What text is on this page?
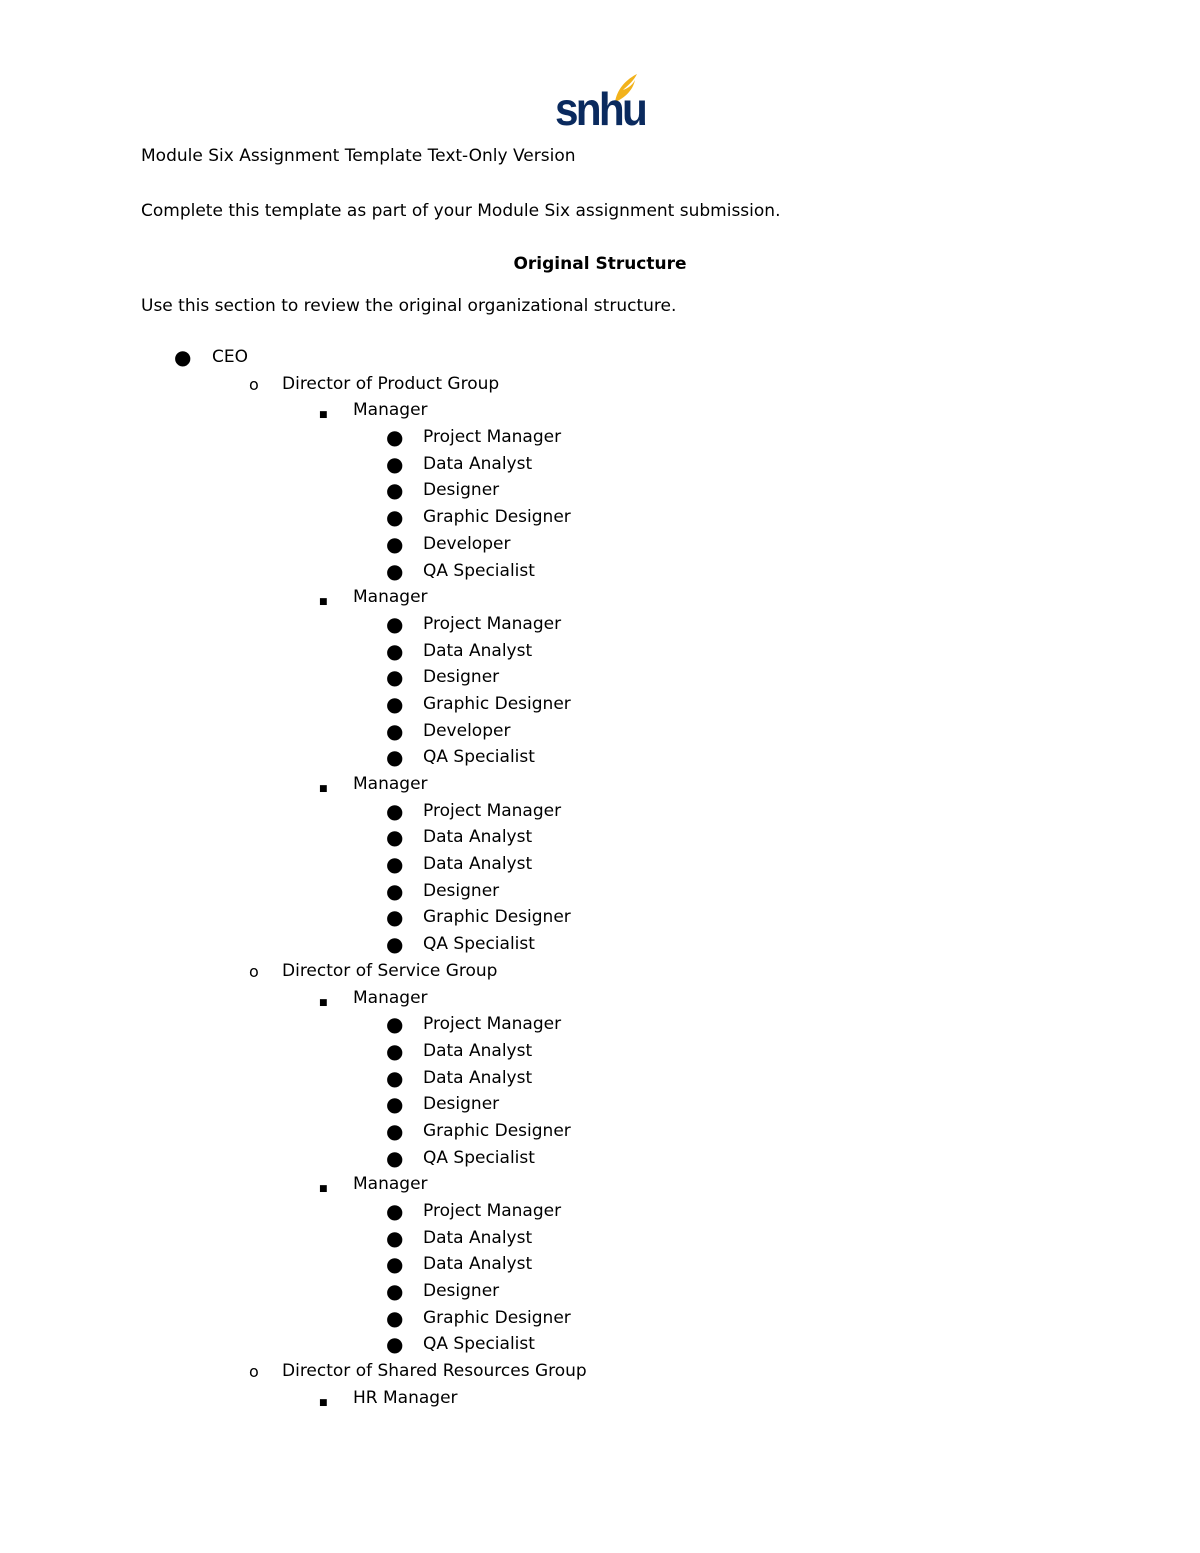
snhu
Module Six Assignment Template Text-Only Version
Complete this template as part of your Module Six assignment submission.
Original Structure
Use this section to review the original organizational structure.
● CEO
o Director of Product Group
■ Manager
● Project Manager
● Data Analyst
● Designer
● Graphic Designer
● Developer
● QA Specialist
■ Manager
● Project Manager
● Data Analyst
● Designer
● Graphic Designer
● Developer
● QA Specialist
■ Manager
● Project Manager
● Data Analyst
● Data Analyst
● Designer
● Graphic Designer
● QA Specialist
o Director of Service Group
■ Manager
● Project Manager
● Data Analyst
● Data Analyst
● Designer
● Graphic Designer
● QA Specialist
■ Manager
● Project Manager
● Data Analyst
● Data Analyst
● Designer
● Graphic Designer
● QA Specialist
o Director of Shared Resources Group
■ HR Manager
